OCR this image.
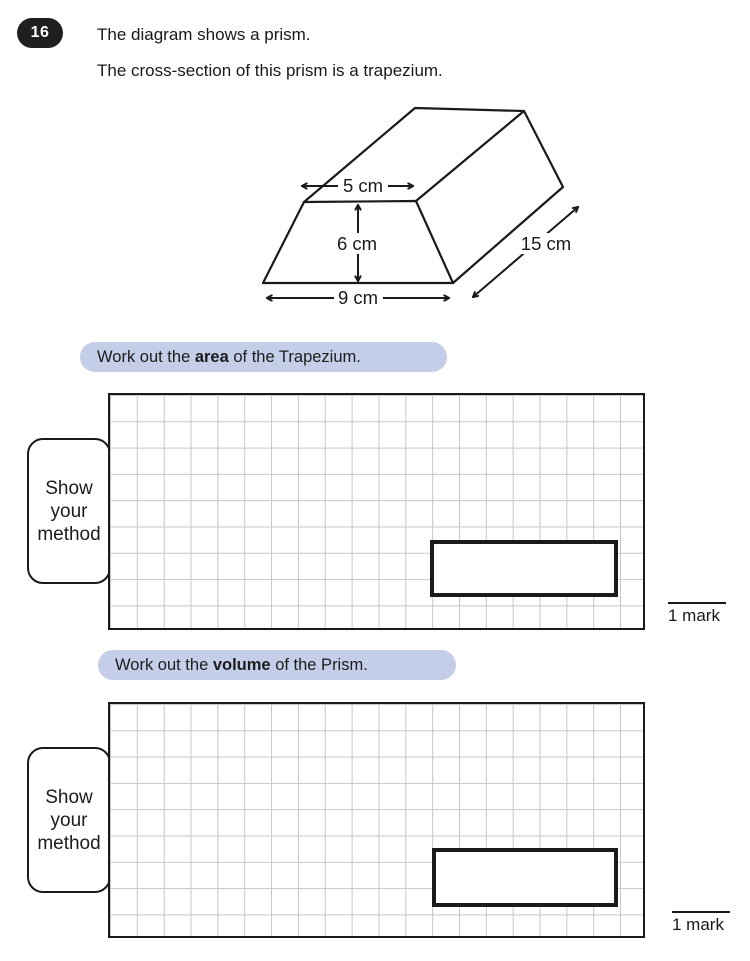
16	The diagram shows a prism.
The cross-section of this prism is a trapezium.
5 cm
6 cm
9 cm
15 cm
Work out the area of the Trapezium.
Show
your
method
1 mark
Work out the volume of the Prism.
Show
your
method
1 mark
